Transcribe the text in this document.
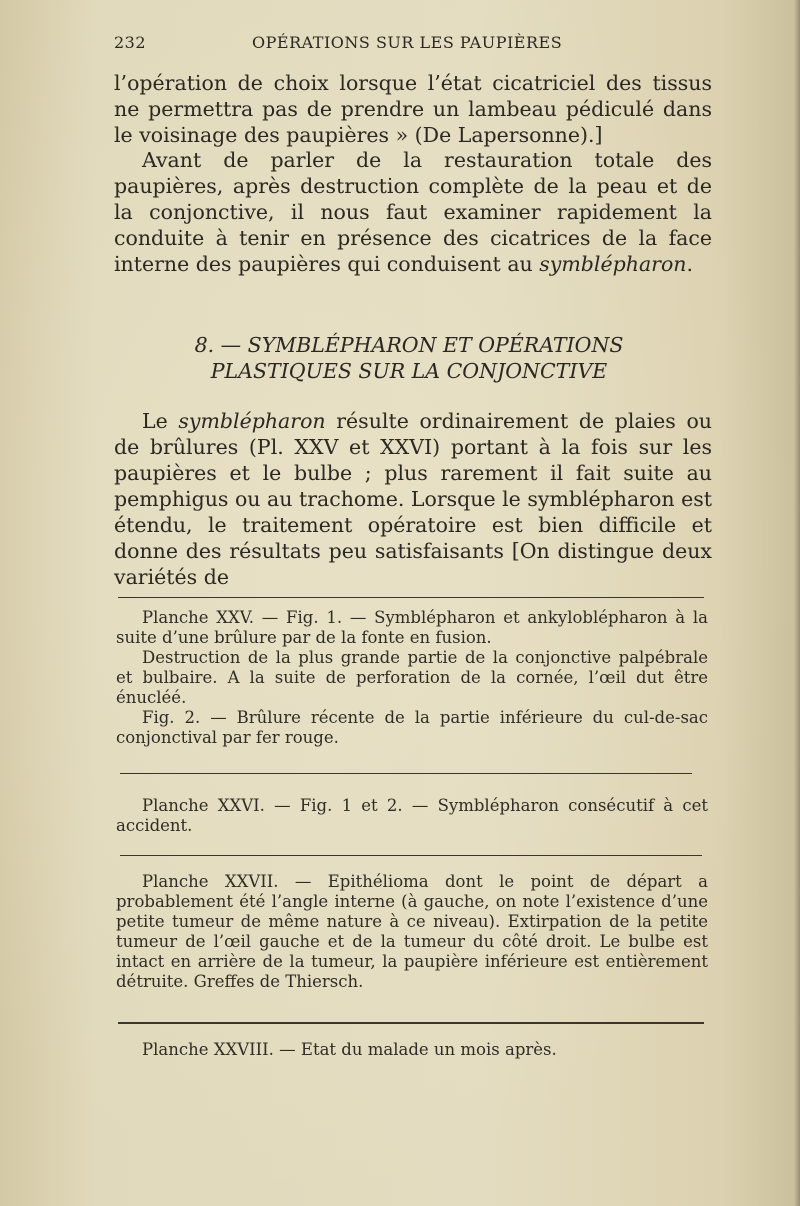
232	OPÉRATIONS SUR LES PAUPIÈRES

l’opération de choix lorsque l’état cicatriciel des tissus ne permettra pas de prendre un lambeau pédiculé dans le voisinage des paupières » (De Lapersonne).]

Avant de parler de la restauration totale des paupières, après destruction complète de la peau et de la conjonctive, il nous faut examiner rapidement la conduite à tenir en présence des cicatrices de la face interne des paupières qui conduisent au symblépharon.

8. — SYMBLÉPHARON ET OPÉRATIONS
PLASTIQUES SUR LA CONJONCTIVE

Le symblépharon résulte ordinairement de plaies ou de brûlures (Pl. XXV et XXVI) portant à la fois sur les paupières et le bulbe ; plus rarement il fait suite au pemphigus ou au trachome. Lorsque le symblépharon est étendu, le traitement opératoire est bien difficile et donne des résultats peu satisfaisants [On distingue deux variétés de

Planche XXV. — Fig. 1. — Symblépharon et ankyloblépharon à la suite d’une brûlure par de la fonte en fusion.

Destruction de la plus grande partie de la conjonctive palpébrale et bulbaire. A la suite de perforation de la cornée, l’œil dut être énucléé.

Fig. 2. — Brûlure récente de la partie inférieure du cul-de-sac conjonctival par fer rouge.

Planche XXVI. — Fig. 1 et 2. — Symblépharon consécutif à cet accident.

Planche XXVII. — Epithélioma dont le point de départ a probablement été l’angle interne (à gauche, on note l’existence d’une petite tumeur de même nature à ce niveau). Extirpation de la petite tumeur de l’œil gauche et de la tumeur du côté droit. Le bulbe est intact en arrière de la tumeur, la paupière inférieure est entièrement détruite. Greffes de Thiersch.

Planche XXVIII. — Etat du malade un mois après.
